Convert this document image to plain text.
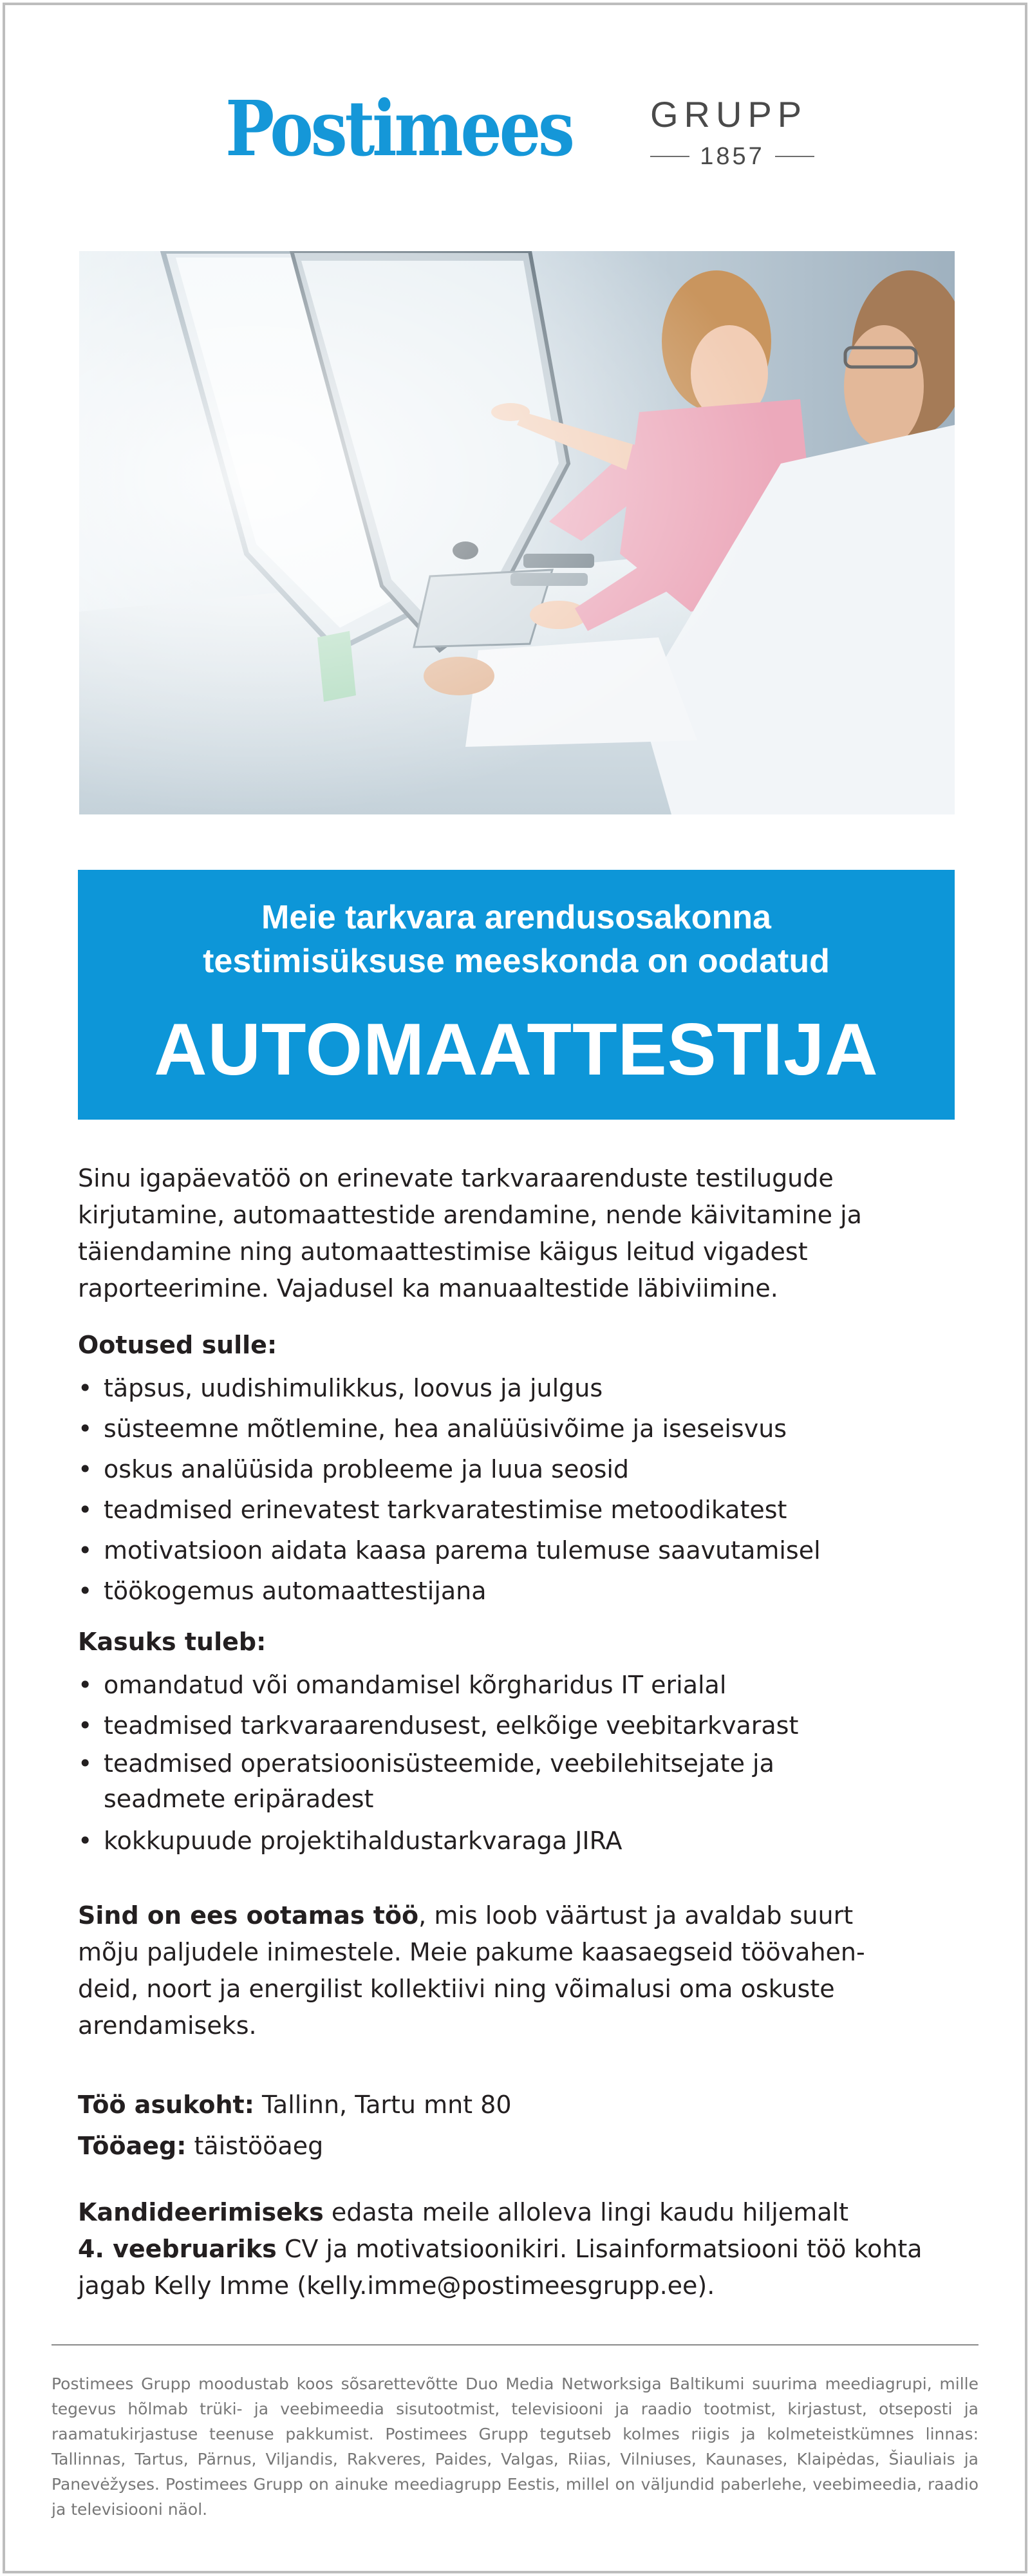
Postimees GRUPP
1857
Meie tarkvara arendusosakonna
testimisüksuse meeskonda on oodatud
AUTOMAATTESTIJA
Sinu igapäevatöö on erinevate tarkvaraarenduste testilugude
kirjutamine, automaattestide arendamine, nende käivitamine ja
täiendamine ning automaattestimise käigus leitud vigadest
raporteerimine. Vajadusel ka manuaaltestide läbiviimine.
Ootused sulle:
• täpsus, uudishimulikkus, loovus ja julgus
• süsteemne mõtlemine, hea analüüsivõime ja iseseisvus
• oskus analüüsida probleeme ja luua seosid
• teadmised erinevatest tarkvaratestimise metoodikatest
• motivatsioon aidata kaasa parema tulemuse saavutamisel
• töökogemus automaattestijana
Kasuks tuleb:
• omandatud või omandamisel kõrgharidus IT erialal
• teadmised tarkvaraarendusest, eelkõige veebitarkvarast
• teadmised operatsioonisüsteemide, veebilehitsejate ja
seadmete eripäradest
• kokkupuude projektihaldustarkvaraga JIRA
Sind on ees ootamas töö, mis loob väärtust ja avaldab suurt
mõju paljudele inimestele. Meie pakume kaasaegseid töövahen-
deid, noort ja energilist kollektiivi ning võimalusi oma oskuste
arendamiseks.
Töö asukoht: Tallinn, Tartu mnt 80
Tööaeg: täistööaeg
Kandideerimiseks edasta meile alloleva lingi kaudu hiljemalt
4. veebruariks CV ja motivatsioonikiri. Lisainformatsiooni töö kohta
jagab Kelly Imme (kelly.imme@postimeesgrupp.ee).
Postimees Grupp moodustab koos sõsarettevõtte Duo Media Networksiga Baltikumi suurima meediagrupi, mille tegevus hõlmab trüki- ja veebimeedia sisutootmist, televisiooni ja raadio tootmist, kirjastust, otseposti ja raamatukirjastuse teenuse pakkumist. Postimees Grupp tegutseb kolmes riigis ja kolmeteistkümnes linnas: Tallinnas, Tartus, Pärnus, Viljandis, Rakveres, Paides, Valgas, Riias, Vilniuses, Kaunases, Klaipėdas, Šiauliais ja Panevėžyses. Postimees Grupp on ainuke meediagrupp Eestis, millel on väljundid paberlehe, veebimeedia, raadio ja televisiooni näol.
